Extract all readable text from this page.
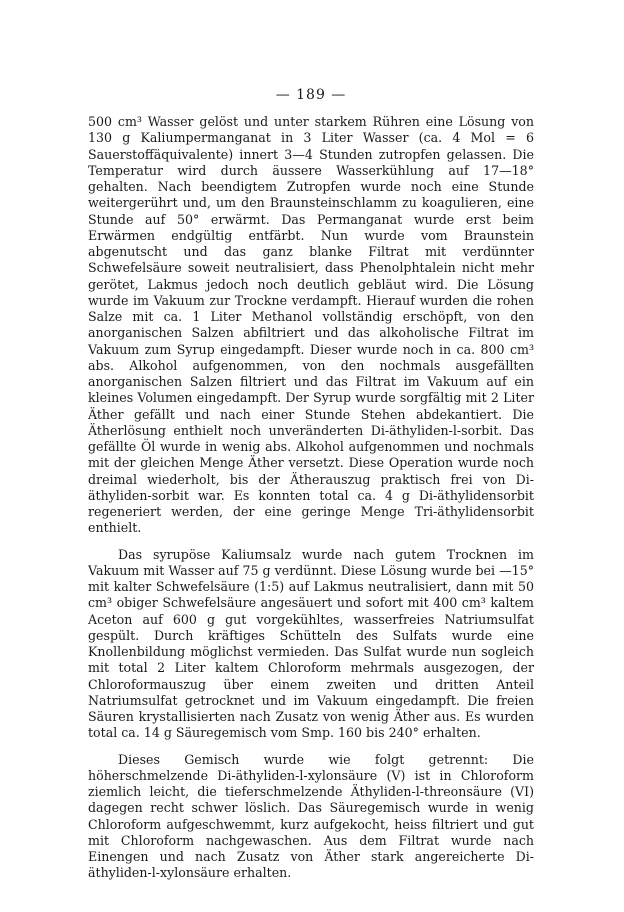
— 189 —

500 cm³ Wasser gelöst und unter starkem Rühren eine Lösung von 130 g Kaliumpermanganat in 3 Liter Wasser (ca. 4 Mol = 6 Sauerstoffäquivalente) innert 3—4 Stunden zutropfen gelassen. Die Temperatur wird durch äussere Wasserkühlung auf 17—18° gehalten. Nach beendigtem Zutropfen wurde noch eine Stunde weitergerührt und, um den Braunsteinschlamm zu koagulieren, eine Stunde auf 50° erwärmt. Das Permanganat wurde erst beim Erwärmen endgültig entfärbt. Nun wurde vom Braunstein abgenutscht und das ganz blanke Filtrat mit verdünnter Schwefelsäure soweit neutralisiert, dass Phenolphtalein nicht mehr gerötet, Lakmus jedoch noch deutlich gebläut wird. Die Lösung wurde im Vakuum zur Trockne verdampft. Hierauf wurden die rohen Salze mit ca. 1 Liter Methanol vollständig erschöpft, von den anorganischen Salzen abfiltriert und das alkoholische Filtrat im Vakuum zum Syrup eingedampft. Dieser wurde noch in ca. 800 cm³ abs. Alkohol aufgenommen, von den nochmals ausgefällten anorganischen Salzen filtriert und das Filtrat im Vakuum auf ein kleines Volumen eingedampft. Der Syrup wurde sorgfältig mit 2 Liter Äther gefällt und nach einer Stunde Stehen abdekantiert. Die Ätherlösung enthielt noch unveränderten Di-äthyliden-l-sorbit. Das gefällte Öl wurde in wenig abs. Alkohol aufgenommen und nochmals mit der gleichen Menge Äther versetzt. Diese Operation wurde noch dreimal wiederholt, bis der Ätherauszug praktisch frei von Di-äthyliden-sorbit war. Es konnten total ca. 4 g Di-äthylidensorbit regeneriert werden, der eine geringe Menge Tri-äthylidensorbit enthielt.

Das syrupöse Kaliumsalz wurde nach gutem Trocknen im Vakuum mit Wasser auf 75 g verdünnt. Diese Lösung wurde bei —15° mit kalter Schwefelsäure (1:5) auf Lakmus neutralisiert, dann mit 50 cm³ obiger Schwefelsäure angesäuert und sofort mit 400 cm³ kaltem Aceton auf 600 g gut vorgekühltes, wasserfreies Natriumsulfat gespült. Durch kräftiges Schütteln des Sulfats wurde eine Knollenbildung möglichst vermieden. Das Sulfat wurde nun sogleich mit total 2 Liter kaltem Chloroform mehrmals ausgezogen, der Chloroformauszug über einem zweiten und dritten Anteil Natriumsulfat getrocknet und im Vakuum eingedampft. Die freien Säuren krystallisierten nach Zusatz von wenig Äther aus. Es wurden total ca. 14 g Säuregemisch vom Smp. 160 bis 240° erhalten.

Dieses Gemisch wurde wie folgt getrennt: Die höherschmelzende Di-äthyliden-l-xylonsäure (V) ist in Chloroform ziemlich leicht, die tieferschmelzende Äthyliden-l-threonsäure (VI) dagegen recht schwer löslich. Das Säuregemisch wurde in wenig Chloroform aufgeschwemmt, kurz aufgekocht, heiss filtriert und gut mit Chloroform nachgewaschen. Aus dem Filtrat wurde nach Einengen und nach Zusatz von Äther stark angereicherte Di-äthyliden-l-xylonsäure erhalten.
